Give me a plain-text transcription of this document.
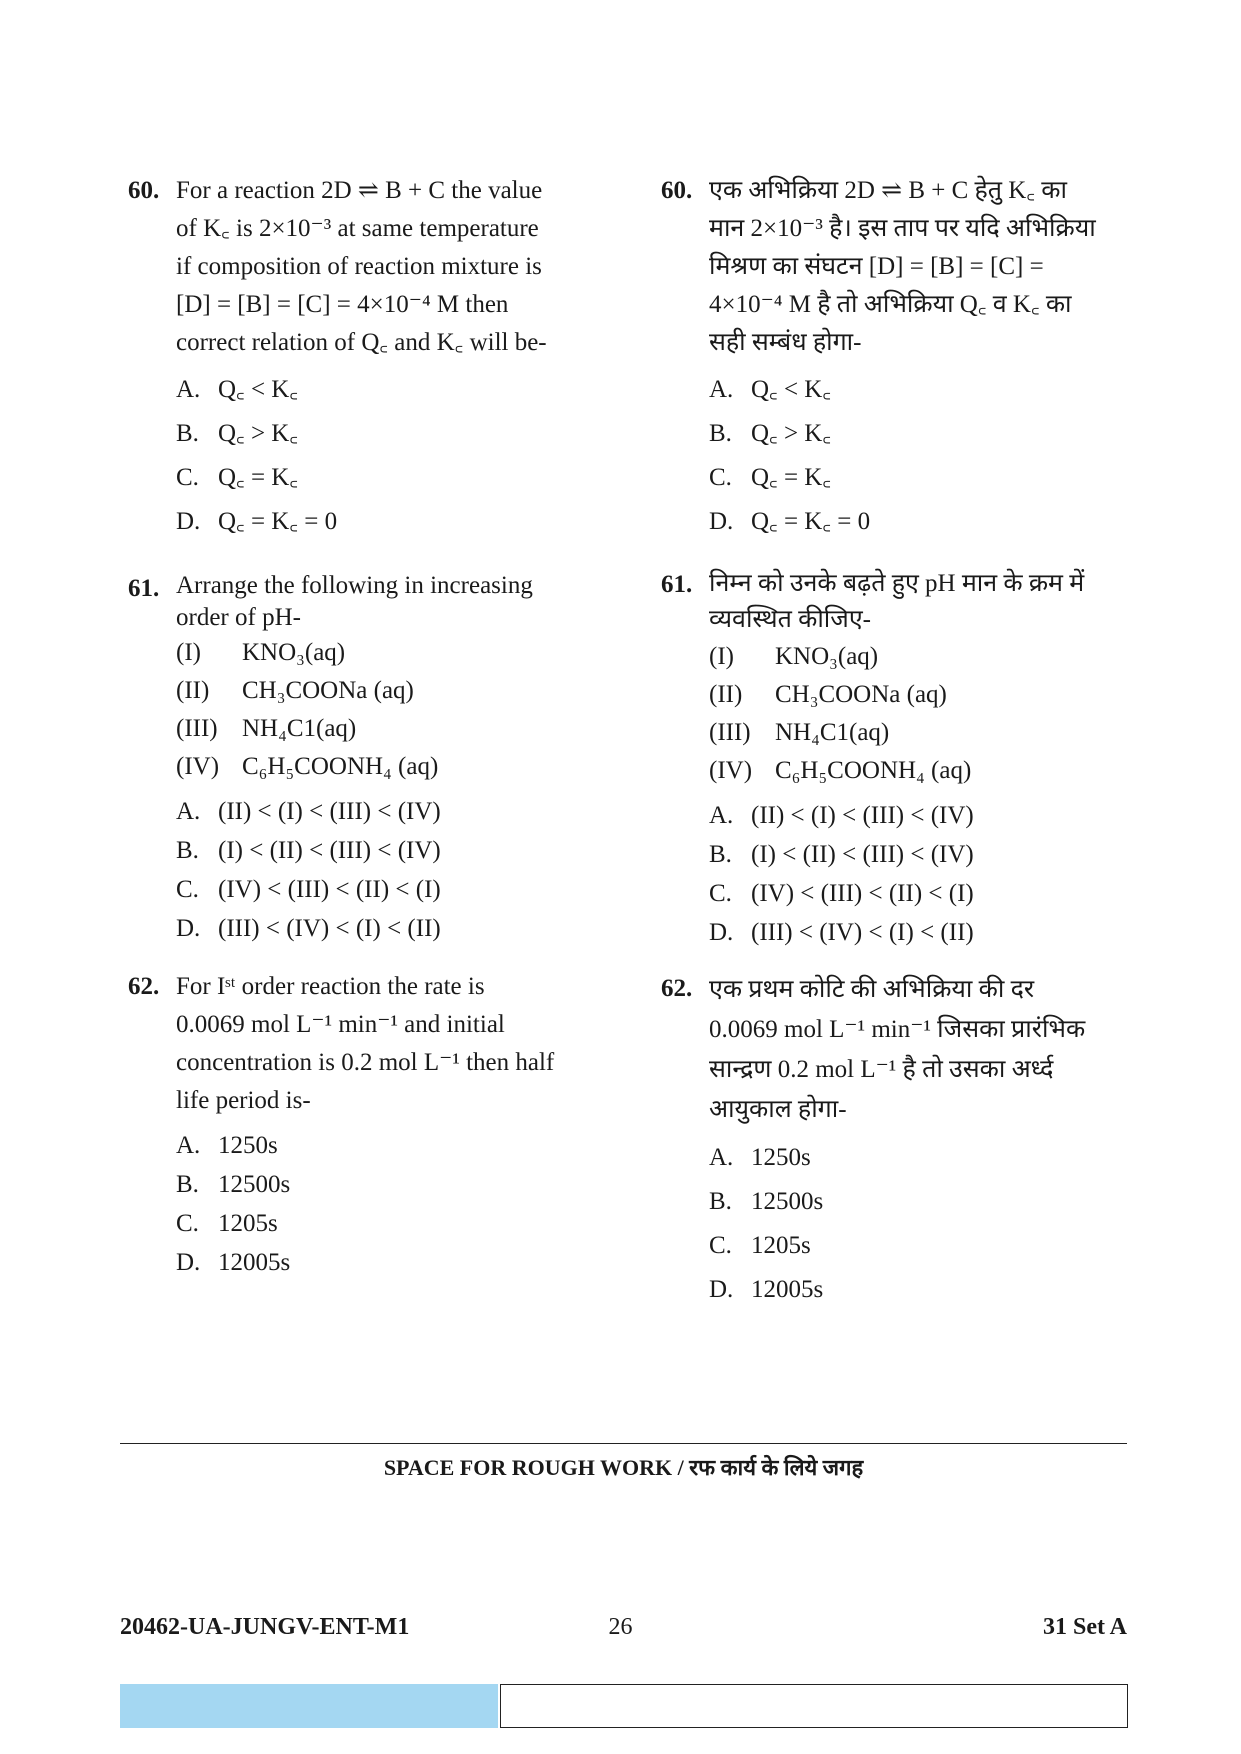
60. For a reaction 2D ⇌ B + C the value
of K꜀ is 2×10⁻³ at same temperature
if composition of reaction mixture is
[D] = [B] = [C] = 4×10⁻⁴ M then
correct relation of Q꜀ and K꜀ will be-
A. Q꜀ < K꜀
B. Q꜀ > K꜀
C. Q꜀ = K꜀
D. Q꜀ = K꜀ = 0
61. Arrange the following in increasing
order of pH-
(I)	KNO₃(aq)
(II)	CH₃COONa (aq)
(III) NH₄C1(aq)
(IV) C₆H₅COONH₄ (aq)
A. (II) < (I) < (III) < (IV)
B. (I) < (II) < (III) < (IV)
C. (IV) < (III) < (II) < (I)
D. (III) < (IV) < (I) < (II)
62. For Iˢᵗ order reaction the rate is
0.0069 mol L⁻¹ min⁻¹ and initial
concentration is 0.2 mol L⁻¹ then half
life period is-
A. 1250s
B. 12500s
C. 1205s
D. 12005s
60. एक अभिक्रिया 2D ⇌ B + C हेतु K꜀ का
मान 2×10⁻³ है। इस ताप पर यदि अभिक्रिया
मिश्रण का संघटन [D] = [B] = [C] =
4×10⁻⁴ M है तो अभिक्रिया Q꜀ व K꜀ का
सही सम्बंध होगा-
A. Q꜀ < K꜀
B. Q꜀ > K꜀
C. Q꜀ = K꜀
D. Q꜀ = K꜀ = 0
61. निम्न को उनके बढ़ते हुए pH मान के क्रम में
व्यवस्थित कीजिए-
(I)	KNO₃(aq)
(II)	CH₃COONa (aq)
(III) NH₄C1(aq)
(IV) C₆H₅COONH₄ (aq)
A. (II) < (I) < (III) < (IV)
B. (I) < (II) < (III) < (IV)
C. (IV) < (III) < (II) < (I)
D. (III) < (IV) < (I) < (II)
62. एक प्रथम कोटि की अभिक्रिया की दर
0.0069 mol L⁻¹ min⁻¹ जिसका प्रारंभिक
सान्द्रण 0.2 mol L⁻¹ है तो उसका अर्ध्द
आयुकाल होगा-
A. 1250s
B. 12500s
C. 1205s
D. 12005s
SPACE FOR ROUGH WORK / रफ कार्य के लिये जगह
20462-UA-JUNGV-ENT-M1	26	31 Set A
